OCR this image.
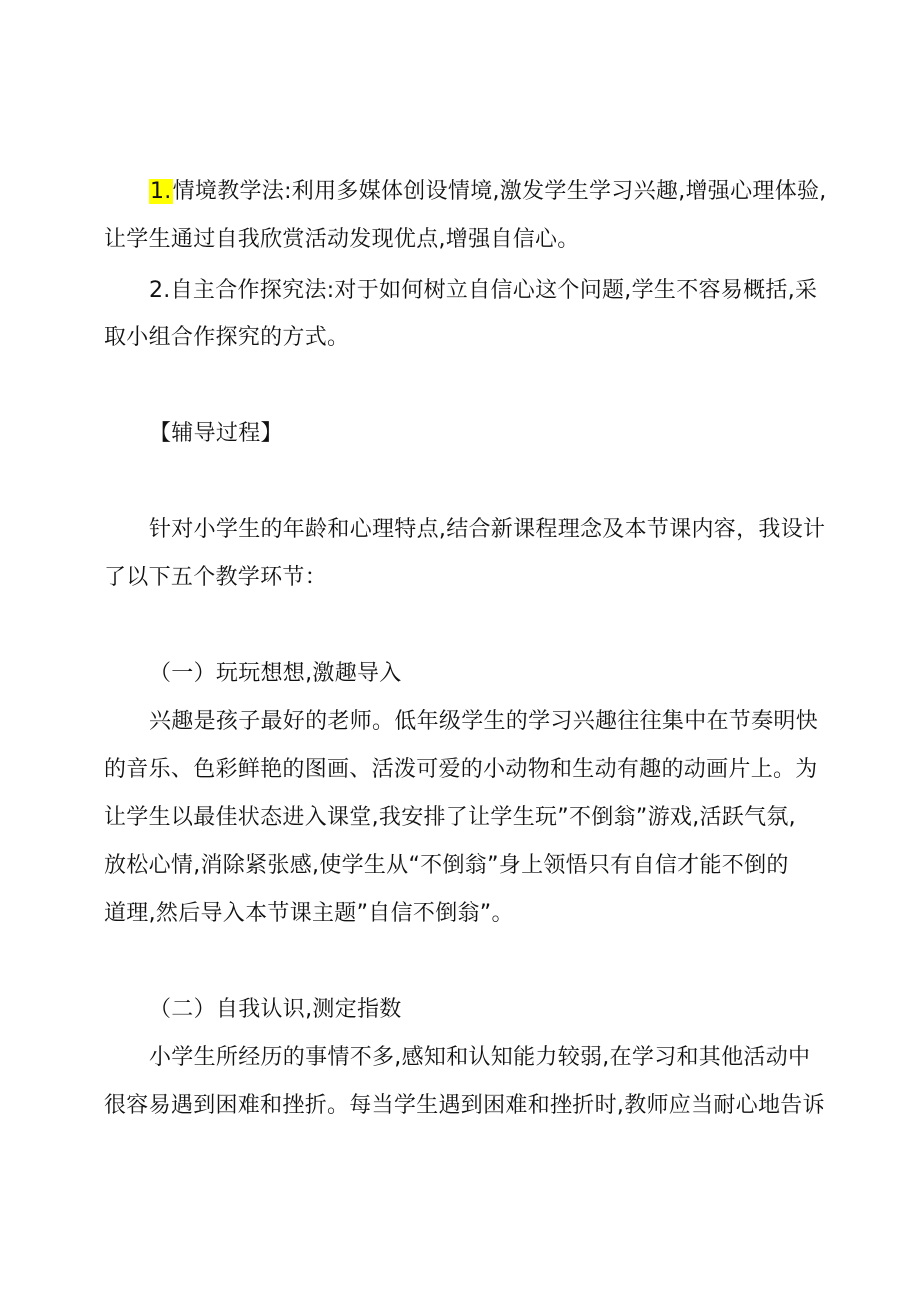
1.情境教学法:利用多媒体创设情境,激发学生学习兴趣,增强心理体验,
让学生通过自我欣赏活动发现优点,增强自信心。
2.自主合作探究法:对于如何树立自信心这个问题,学生不容易概括,采
取小组合作探究的方式。
【辅导过程】
针对小学生的年龄和心理特点,结合新课程理念及本节课内容，我设计
了以下五个教学环节：
（一）玩玩想想,激趣导入
兴趣是孩子最好的老师。低年级学生的学习兴趣往往集中在节奏明快
的音乐、色彩鲜艳的图画、活泼可爱的小动物和生动有趣的动画片上。为
让学生以最佳状态进入课堂,我安排了让学生玩”不倒翁”游戏,活跃气氛,
放松心情,消除紧张感,使学生从“不倒翁”身上领悟只有自信才能不倒的
道理,然后导入本节课主题”自信不倒翁”。
（二）自我认识,测定指数
小学生所经历的事情不多,感知和认知能力较弱,在学习和其他活动中
很容易遇到困难和挫折。每当学生遇到困难和挫折时,教师应当耐心地告诉
